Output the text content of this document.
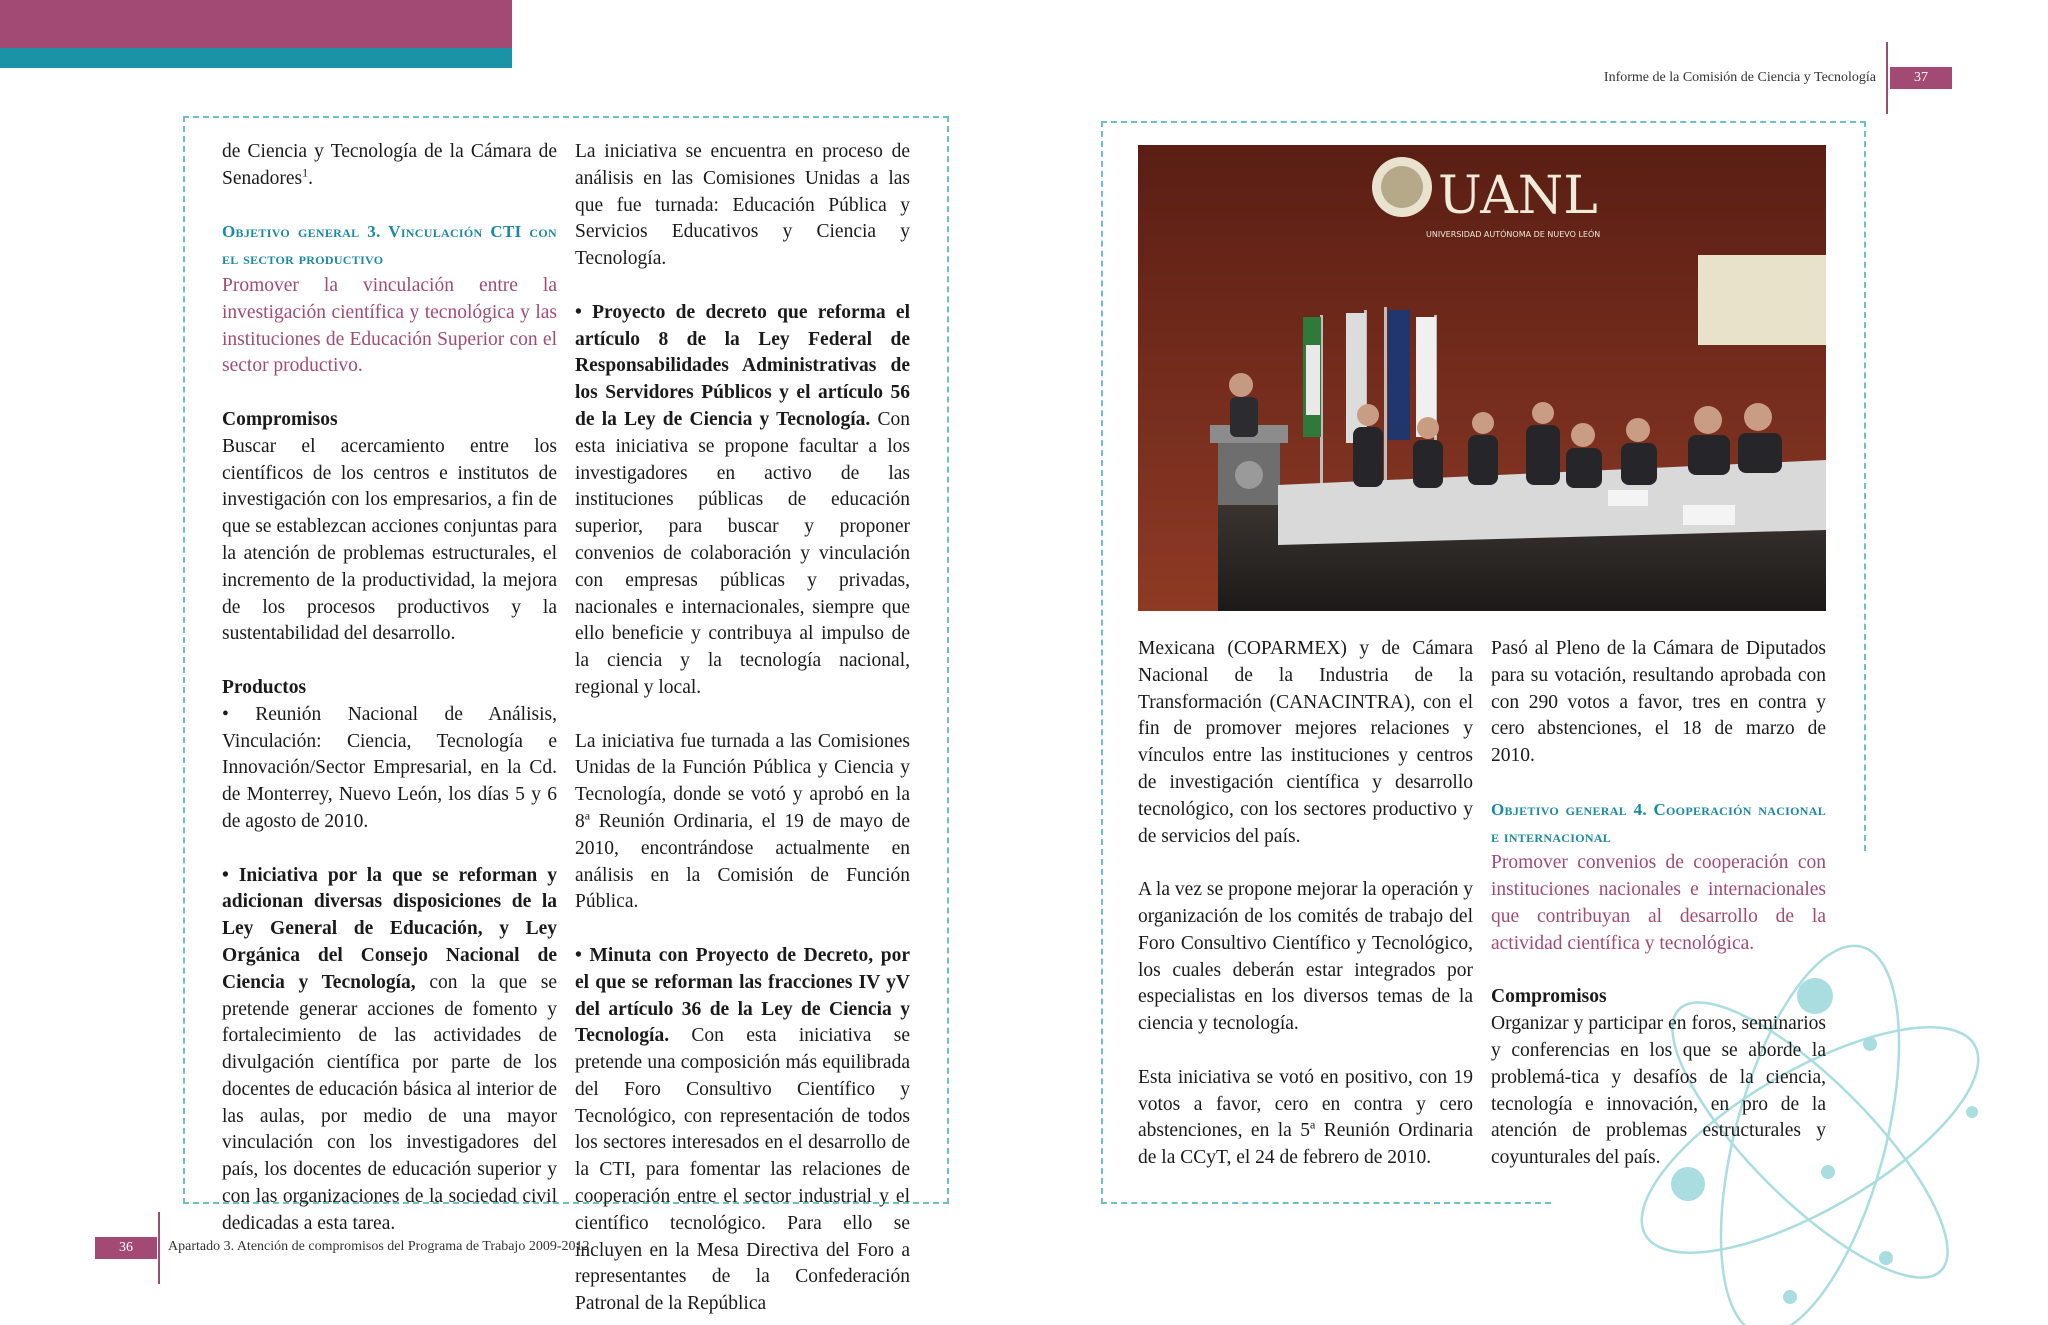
Informe de la Comisión de Ciencia y Tecnología	37
UANL
UNIVERSIDAD AUTÓNOMA DE NUEVO LEÓN

de Ciencia y Tecnología de la Cámara de Senadores$^1$.

Objetivo general 3. Vinculación CTI con el sector productivo

Promover la vinculación entre la investigación científica y tecnológica y las instituciones de Educación Superior con el sector productivo.

Compromisos

Buscar el acercamiento entre los científicos de los centros e institutos de investigación con los empresarios, a fin de que se establezcan acciones conjuntas para la atención de problemas estructurales, el incremento de la productividad, la mejora de los procesos productivos y la sustentabilidad del desarrollo.

Productos

• Reunión Nacional de Análisis, Vinculación: Ciencia, Tecnología e Innovación/Sector Empresarial, en la Cd. de Monterrey, Nuevo León, los días 5 y 6 de agosto de 2010.

• Iniciativa por la que se reforman y adicionan diversas disposiciones de la Ley General de Educación, y Ley Orgánica del Consejo Nacional de Ciencia y Tecnología, con la que se pretende generar acciones de fomento y fortalecimiento de las actividades de divulgación científica por parte de los docentes de educación básica al interior de las aulas, por medio de una mayor vinculación con los investigadores del país, los docentes de educación superior y con las organizaciones de la sociedad civil dedicadas a esta tarea.

La iniciativa se encuentra en proceso de análisis en las Comisiones Unidas a las que fue turnada: Educación Pública y Servicios Educativos y Ciencia y Tecnología.

• Proyecto de decreto que reforma el artículo 8 de la Ley Federal de Responsabilidades Administrativas de los Servidores Públicos y el artículo 56 de la Ley de Ciencia y Tecnología. Con esta iniciativa se propone facultar a los investigadores en activo de las instituciones públicas de educación superior, para buscar y proponer convenios de colaboración y vinculación con empresas públicas y privadas, nacionales e internacionales, siempre que ello beneficie y contribuya al impulso de la ciencia y la tecnología nacional, regional y local.

La iniciativa fue turnada a las Comisiones Unidas de la Función Pública y Ciencia y Tecnología, donde se votó y aprobó en la 8$^a$ Reunión Ordinaria, el 19 de mayo de 2010, encontrándose actualmente en análisis en la Comisión de Función Pública.

• Minuta con Proyecto de Decreto, por el que se reforman las fracciones IV yV del artículo 36 de la Ley de Ciencia y Tecnología. Con esta iniciativa se pretende una composición más equilibrada del Foro Consultivo Científico y Tecnológico, con representación de todos los sectores interesados en el desarrollo de la CTI, para fomentar las relaciones de cooperación entre el sector industrial y el científico tecnológico. Para ello se incluyen en la Mesa Directiva del Foro a representantes de la Confederación Patronal de la República

Mexicana (COPARMEX) y de Cámara Nacional de la Industria de la Transformación (CANACINTRA), con el fin de promover mejores relaciones y vínculos entre las instituciones y centros de investigación científica y desarrollo tecnológico, con los sectores productivo y de servicios del país.

A la vez se propone mejorar la operación y organización de los comités de trabajo del Foro Consultivo Científico y Tecnológico, los cuales deberán estar integrados por especialistas en los diversos temas de la ciencia y tecnología.

Esta iniciativa se votó en positivo, con 19 votos a favor, cero en contra y cero abstenciones, en la 5$^a$ Reunión Ordinaria de la CCyT, el 24 de febrero de 2010.

Pasó al Pleno de la Cámara de Diputados para su votación, resultando aprobada con con 290 votos a favor, tres en contra y cero abstenciones, el 18 de marzo de 2010.

Objetivo general 4. Cooperación nacional e internacional

Promover convenios de cooperación con instituciones nacionales e internacionales que contribuyan al desarrollo de la actividad científica y tecnológica.

Compromisos

Organizar y participar en foros, seminarios y conferencias en los que se aborde la problemá-tica y desafíos de la ciencia, tecnología e innovación, en pro de la atención de problemas estructurales y coyunturales del país.

36	Apartado 3. Atención de compromisos del Programa de Trabajo 2009-2012
